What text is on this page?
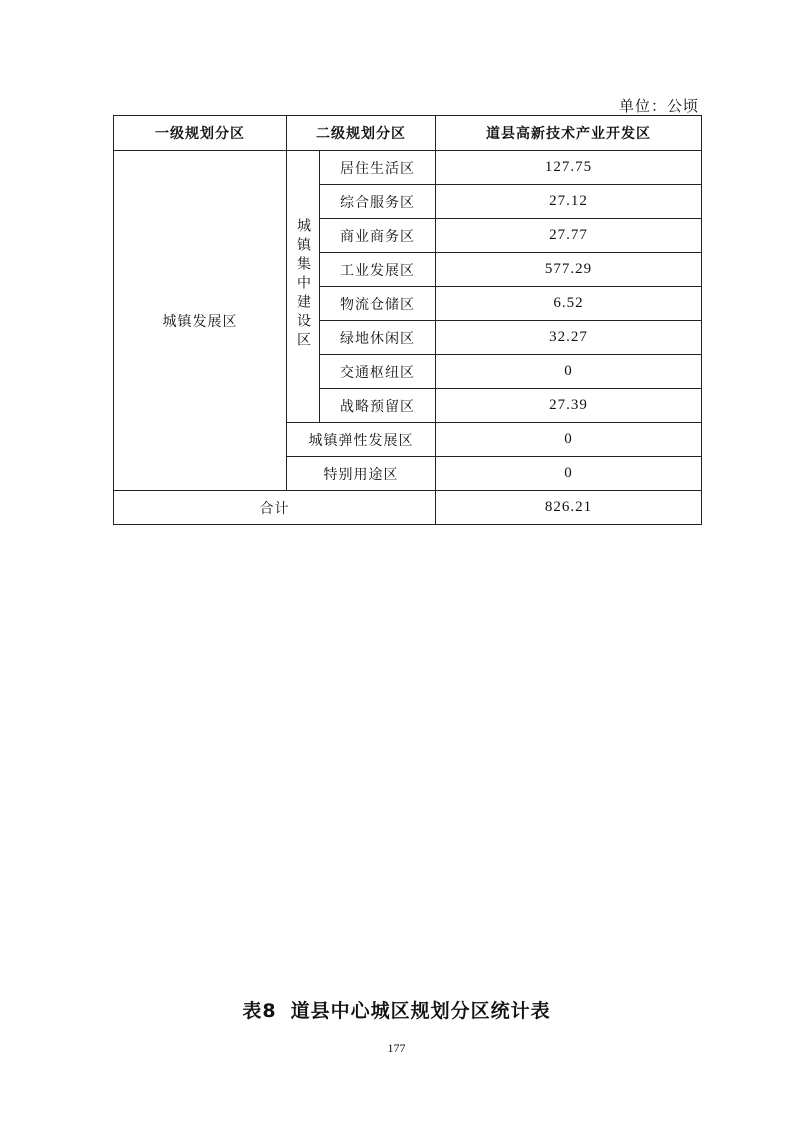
单位：公顷
一级规划分区	二级规划分区		道县高新技术产业开发区
城镇发展区	城镇集中建设区	居住生活区	127.75
		综合服务区	27.12
		商业商务区	27.77
		工业发展区	577.29
		物流仓储区	6.52
		绿地休闲区	32.27
		交通枢纽区	0
		战略预留区	27.39
	城镇弹性发展区		0
	特别用途区		0
合计			826.21
表8 道县中心城区规划分区统计表
177
